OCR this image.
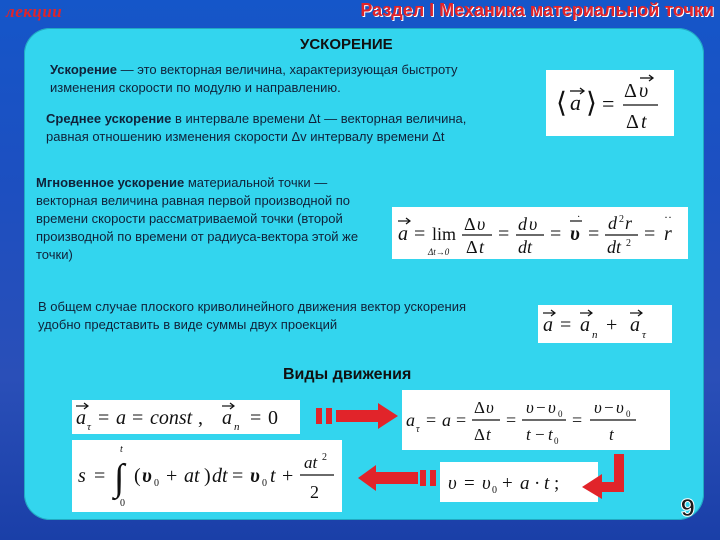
лекции	Раздел I Механика материальной точки
УСКОРЕНИЕ
Ускорение — это векторная величина, характеризующая быстроту изменения скорости по модулю и направлению.
Среднее ускорение в интервале времени Δt — векторная величина, равная отношению изменения скорости Δv интервалу времени Δt
Мгновенное ускорение материальной точки — векторная величина равная первой производной по времени скорости рассматриваемой точки (второй производной по времени от радиуса-вектора этой же точки)
В общем случае плоского криволинейного движения вектор ускорения удобно представить в виде суммы двух проекций
Виды движения
⟨ a ⟩ = Δ υ
Δ t
a = lim
Δt→0
Δ υ
Δ t
= d υ
dt
= υ
·
= d 2 r
dt 2 = r
··
a = a n + a τ
a τ = a = const , a n = 0	a τ = a =
Δ υ
Δ t
=
υ − υ 0
t − t 0
=
υ − υ 0
t
s = ∫
t
0
( υ 0 + at ) dt = υ 0 t +
at 2
2	υ = υ 0 + a · t ;
9
